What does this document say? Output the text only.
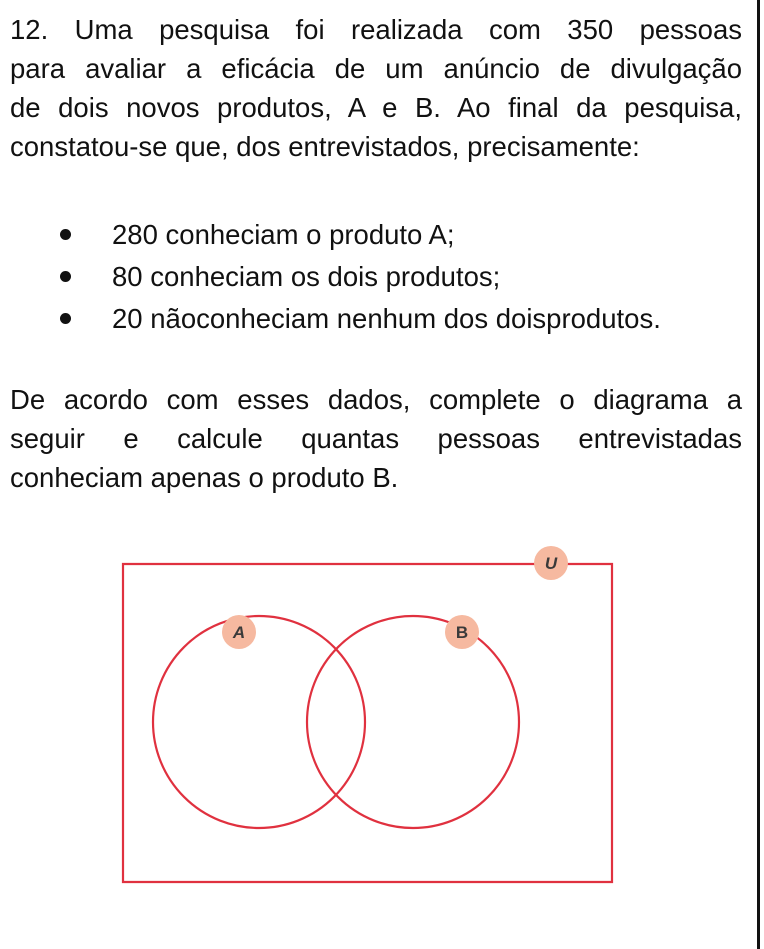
12. Uma pesquisa foi realizada com 350 pessoas
para avaliar a eficácia de um anúncio de divulgação
de dois novos produtos, A e B. Ao final da pesquisa,
constatou-se que, dos entrevistados, precisamente:

280 conheciam o produto A;
80 conheciam os dois produtos;
20 nãoconheciam nenhum dos doisprodutos.

De acordo com esses dados, complete o diagrama a
seguir e calcule quantas pessoas entrevistadas
conheciam apenas o produto B.

U
A	B
